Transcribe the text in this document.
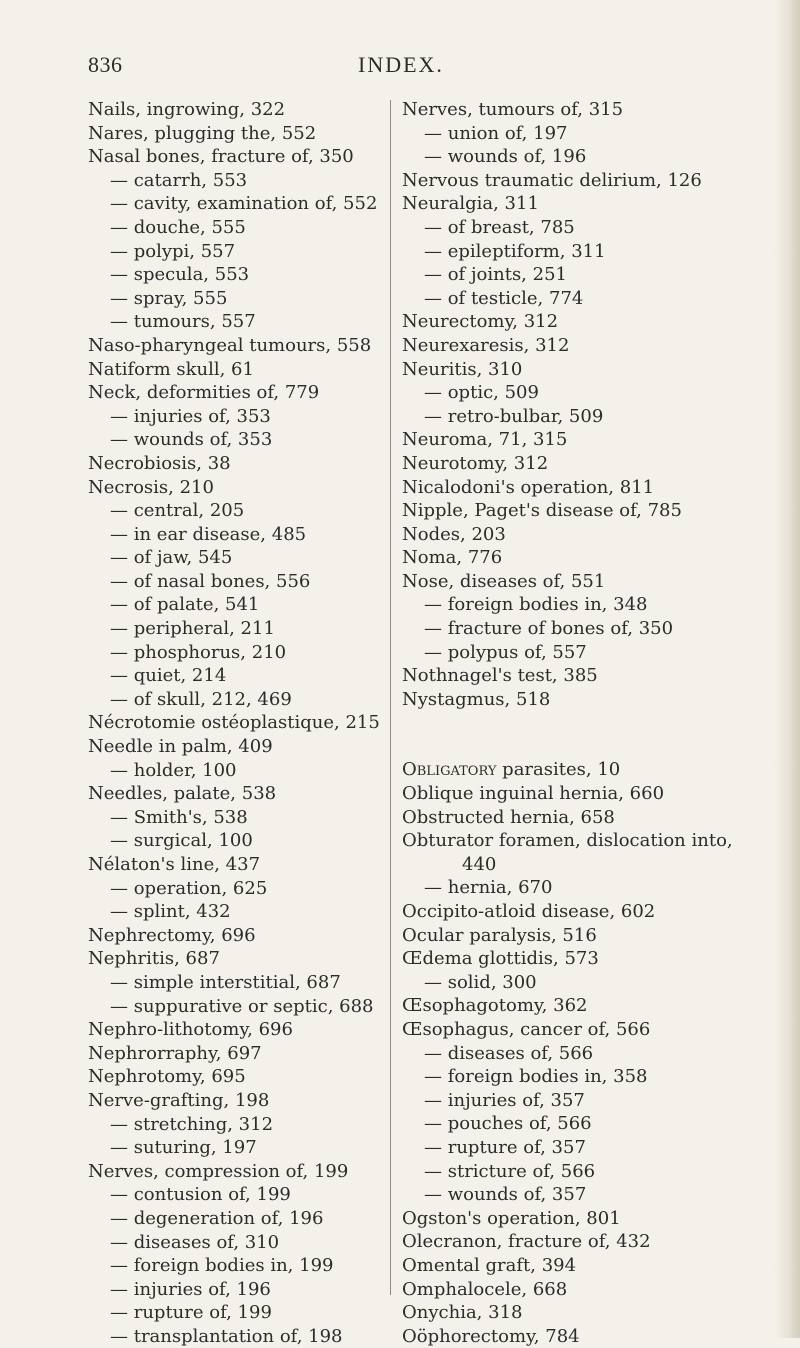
836	INDEX.
Nails, ingrowing, 322
Nares, plugging the, 552
Nasal bones, fracture of, 350
— catarrh, 553
— cavity, examination of, 552
— douche, 555
— polypi, 557
— specula, 553
— spray, 555
— tumours, 557
Naso-pharyngeal tumours, 558
Natiform skull, 61
Neck, deformities of, 779
— injuries of, 353
— wounds of, 353
Necrobiosis, 38
Necrosis, 210
— central, 205
— in ear disease, 485
— of jaw, 545
— of nasal bones, 556
— of palate, 541
— peripheral, 211
— phosphorus, 210
— quiet, 214
— of skull, 212, 469
Nécrotomie ostéoplastique, 215
Needle in palm, 409
— holder, 100
Needles, palate, 538
— Smith's, 538
— surgical, 100
Nélaton's line, 437
— operation, 625
— splint, 432
Nephrectomy, 696
Nephritis, 687
— simple interstitial, 687
— suppurative or septic, 688
Nephro-lithotomy, 696
Nephrorraphy, 697
Nephrotomy, 695
Nerve-grafting, 198
— stretching, 312
— suturing, 197
Nerves, compression of, 199
— contusion of, 199
— degeneration of, 196
— diseases of, 310
— foreign bodies in, 199
— injuries of, 196
— rupture of, 199
— transplantation of, 198
Nerves, tumours of, 315
— union of, 197
— wounds of, 196
Nervous traumatic delirium, 126
Neuralgia, 311
— of breast, 785
— epileptiform, 311
— of joints, 251
— of testicle, 774
Neurectomy, 312
Neurexaresis, 312
Neuritis, 310
— optic, 509
— retro-bulbar, 509
Neuroma, 71, 315
Neurotomy, 312
Nicalodoni's operation, 811
Nipple, Paget's disease of, 785
Nodes, 203
Noma, 776
Nose, diseases of, 551
— foreign bodies in, 348
— fracture of bones of, 350
— polypus of, 557
Nothnagel's test, 385
Nystagmus, 518
Obligatory parasites, 10
Oblique inguinal hernia, 660
Obstructed hernia, 658
Obturator foramen, dislocation into,
440
— hernia, 670
Occipito-atloid disease, 602
Ocular paralysis, 516
Œdema glottidis, 573
— solid, 300
Œsophagotomy, 362
Œsophagus, cancer of, 566
— diseases of, 566
— foreign bodies in, 358
— injuries of, 357
— pouches of, 566
— rupture of, 357
— stricture of, 566
— wounds of, 357
Ogston's operation, 801
Olecranon, fracture of, 432
Omental graft, 394
Omphalocele, 668
Onychia, 318
Oöphorectomy, 784
